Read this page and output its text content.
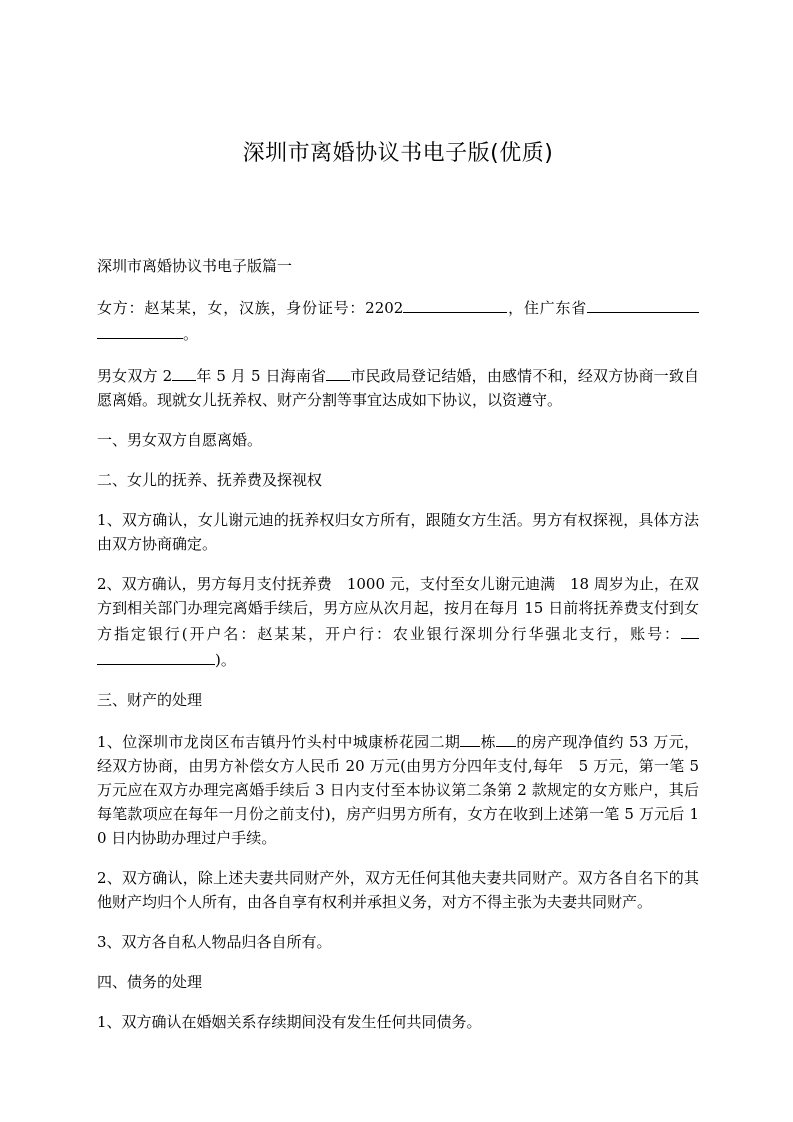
深圳市离婚协议书电子版(优质)

深圳市离婚协议书电子版篇一

女方：赵某某，女，汉族，身份证号：2202	，住广东省。

男女双方 2 年 5 月 5 日海南省 市民政局登记结婚，由感情不和，经双方协商一致自愿离婚。现就女儿抚养权、财产分割等事宜达成如下协议，以资遵守。

一、男女双方自愿离婚。

二、女儿的抚养、抚养费及探视权

1、双方确认，女儿谢元迪的抚养权归女方所有，跟随女方生活。男方有权探视，具体方法由双方协商确定。

2、双方确认，男方每月支付抚养费　1000 元，支付至女儿谢元迪满　18 周岁为止，在双方到相关部门办理完离婚手续后，男方应从次月起，按月在每月 15 日前将抚养费支付到女方指定银行(开户名：赵某某，开户行：农业银行深圳分行华强北支行，账号：)。

三、财产的处理

1、位深圳市龙岗区布吉镇丹竹头村中城康桥花园二期 栋 的房产现净值约 53 万元，经双方协商，由男方补偿女方人民币 20 万元(由男方分四年支付,每年　5 万元，第一笔 5 万元应在双方办理完离婚手续后 3 日内支付至本协议第二条第 2 款规定的女方账户，其后每笔款项应在每年一月份之前支付)，房产归男方所有，女方在收到上述第一笔 5 万元后 10 日内协助办理过户手续。

2、双方确认，除上述夫妻共同财产外，双方无任何其他夫妻共同财产。双方各自名下的其他财产均归个人所有，由各自享有权利并承担义务，对方不得主张为夫妻共同财产。

3、双方各自私人物品归各自所有。

四、债务的处理

1、双方确认在婚姻关系存续期间没有发生任何共同债务。
